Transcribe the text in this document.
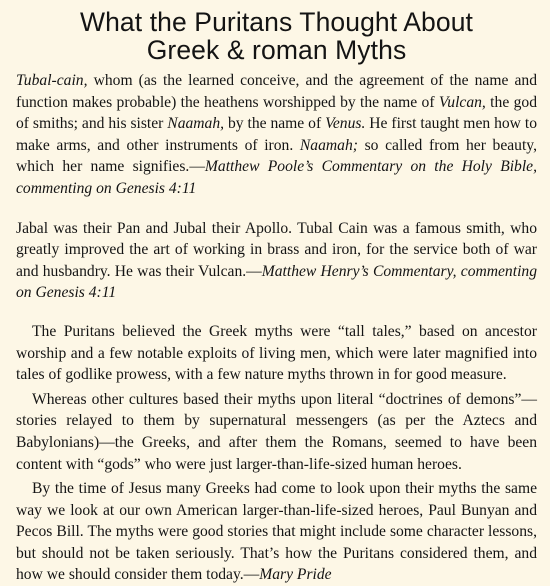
What the Puritans Thought About
Greek & roman Myths

Tubal-cain, whom (as the learned conceive, and the agreement of the name and function makes probable) the heathens worshipped by the name of Vulcan, the god of smiths; and his sister Naamah, by the name of Venus. He first taught men how to make arms, and other instruments of iron. Naamah; so called from her beauty, which her name signifies.—Matthew Poole’s Commentary on the Holy Bible, commenting on Genesis 4:11

Jabal was their Pan and Jubal their Apollo. Tubal Cain was a famous smith, who greatly improved the art of working in brass and iron, for the service both of war and husbandry. He was their Vulcan.—Matthew Henry’s Commentary, commenting on Genesis 4:11

The Puritans believed the Greek myths were “tall tales,” based on ancestor worship and a few notable exploits of living men, which were later magnified into tales of godlike prowess, with a few nature myths thrown in for good measure.

Whereas other cultures based their myths upon literal “doctrines of demons”—stories relayed to them by supernatural messengers (as per the Aztecs and Babylonians)—the Greeks, and after them the Romans, seemed to have been content with “gods” who were just larger-than-life-sized human heroes.

By the time of Jesus many Greeks had come to look upon their myths the same way we look at our own American larger-than-life-sized heroes, Paul Bunyan and Pecos Bill. The myths were good stories that might include some character lessons, but should not be taken seriously. That’s how the Puritans considered them, and how we should consider them today.—Mary Pride
